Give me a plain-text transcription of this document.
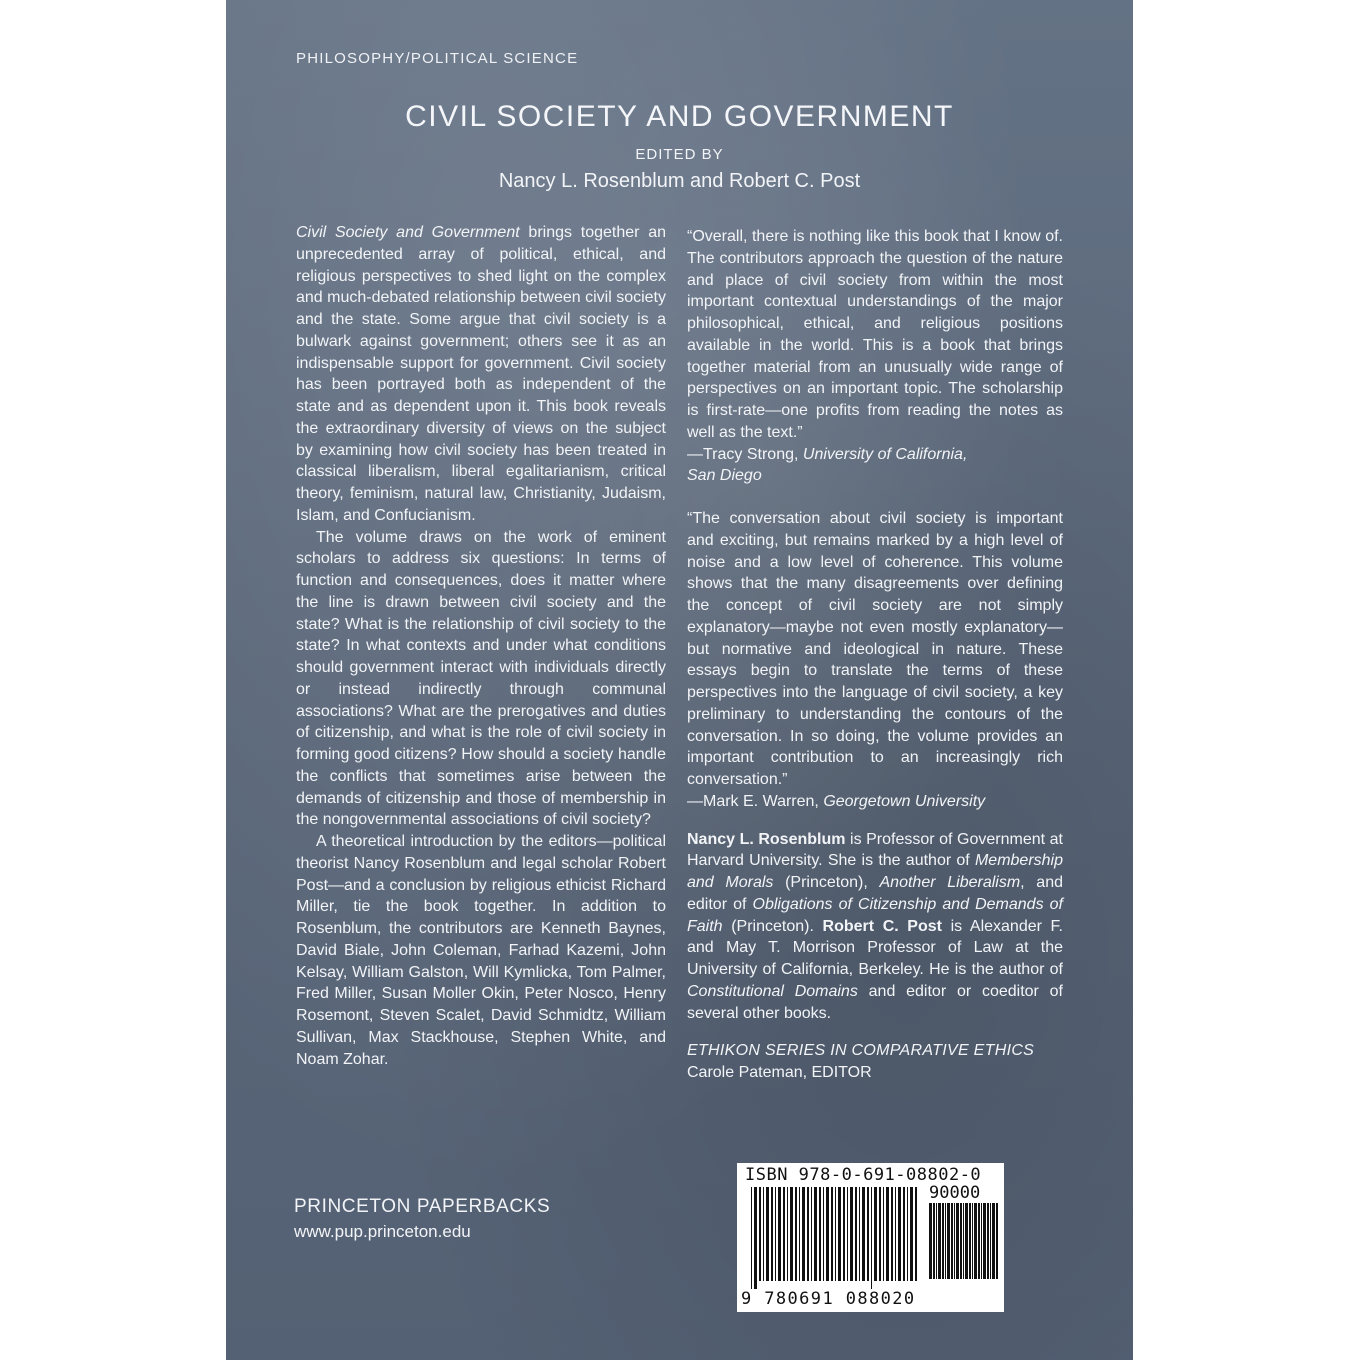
PHILOSOPHY/POLITICAL SCIENCE
CIVIL SOCIETY AND GOVERNMENT
EDITED BY
Nancy L. Rosenblum and Robert C. Post

Civil Society and Government brings together an unprecedented array of political, ethical, and religious perspectives to shed light on the complex and much-debated relationship between civil society and the state. Some argue that civil society is a bulwark against government; others see it as an indispensable support for government. Civil society has been portrayed both as independent of the state and as dependent upon it. This book reveals the extraordinary diversity of views on the subject by examining how civil society has been treated in classical liberalism, liberal egalitarianism, critical theory, feminism, natural law, Christianity, Judaism, Islam, and Confucianism.

The volume draws on the work of eminent scholars to address six questions: In terms of function and consequences, does it matter where the line is drawn between civil society and the state? What is the relationship of civil society to the state? In what contexts and under what conditions should government interact with individuals directly or instead indirectly through communal associations? What are the prerogatives and duties of citizenship, and what is the role of civil society in forming good citizens? How should a society handle the conflicts that sometimes arise between the demands of citizenship and those of membership in the nongovernmental associations of civil society?

A theoretical introduction by the editors—political theorist Nancy Rosenblum and legal scholar Robert Post—and a conclusion by religious ethicist Richard Miller, tie the book together. In addition to Rosenblum, the contributors are Kenneth Baynes, David Biale, John Coleman, Farhad Kazemi, John Kelsay, William Galston, Will Kymlicka, Tom Palmer, Fred Miller, Susan Moller Okin, Peter Nosco, Henry Rosemont, Steven Scalet, David Schmidtz, William Sullivan, Max Stackhouse, Stephen White, and Noam Zohar.

“Overall, there is nothing like this book that I know of. The contributors approach the question of the nature and place of civil society from within the most important contextual understandings of the major philosophical, ethical, and religious positions available in the world. This is a book that brings together material from an unusually wide range of perspectives on an important topic. The scholarship is first-rate—one profits from reading the notes as well as the text.”

—Tracy Strong, University of California,

San Diego

“The conversation about civil society is important and exciting, but remains marked by a high level of noise and a low level of coherence. This volume shows that the many disagreements over defining the concept of civil society are not simply explanatory—maybe not even mostly explanatory—but normative and ideological in nature. These essays begin to translate the terms of these perspectives into the language of civil society, a key preliminary to understanding the contours of the conversation. In so doing, the volume provides an important contribution to an increasingly rich conversation.”

—Mark E. Warren, Georgetown University

Nancy L. Rosenblum is Professor of Government at Harvard University. She is the author of Membership and Morals (Princeton), Another Liberalism, and editor of Obligations of Citizenship and Demands of Faith (Princeton). Robert C. Post is Alexander F. and May T. Morrison Professor of Law at the University of California, Berkeley. He is the author of Constitutional Domains and editor or coeditor of several other books.

ETHIKON SERIES IN COMPARATIVE ETHICS

Carole Pateman, EDITOR

PRINCETON PAPERBACKS
www.pup.princeton.edu
ISBN 978-0-691-08802-0
90000
9 780691 088020
